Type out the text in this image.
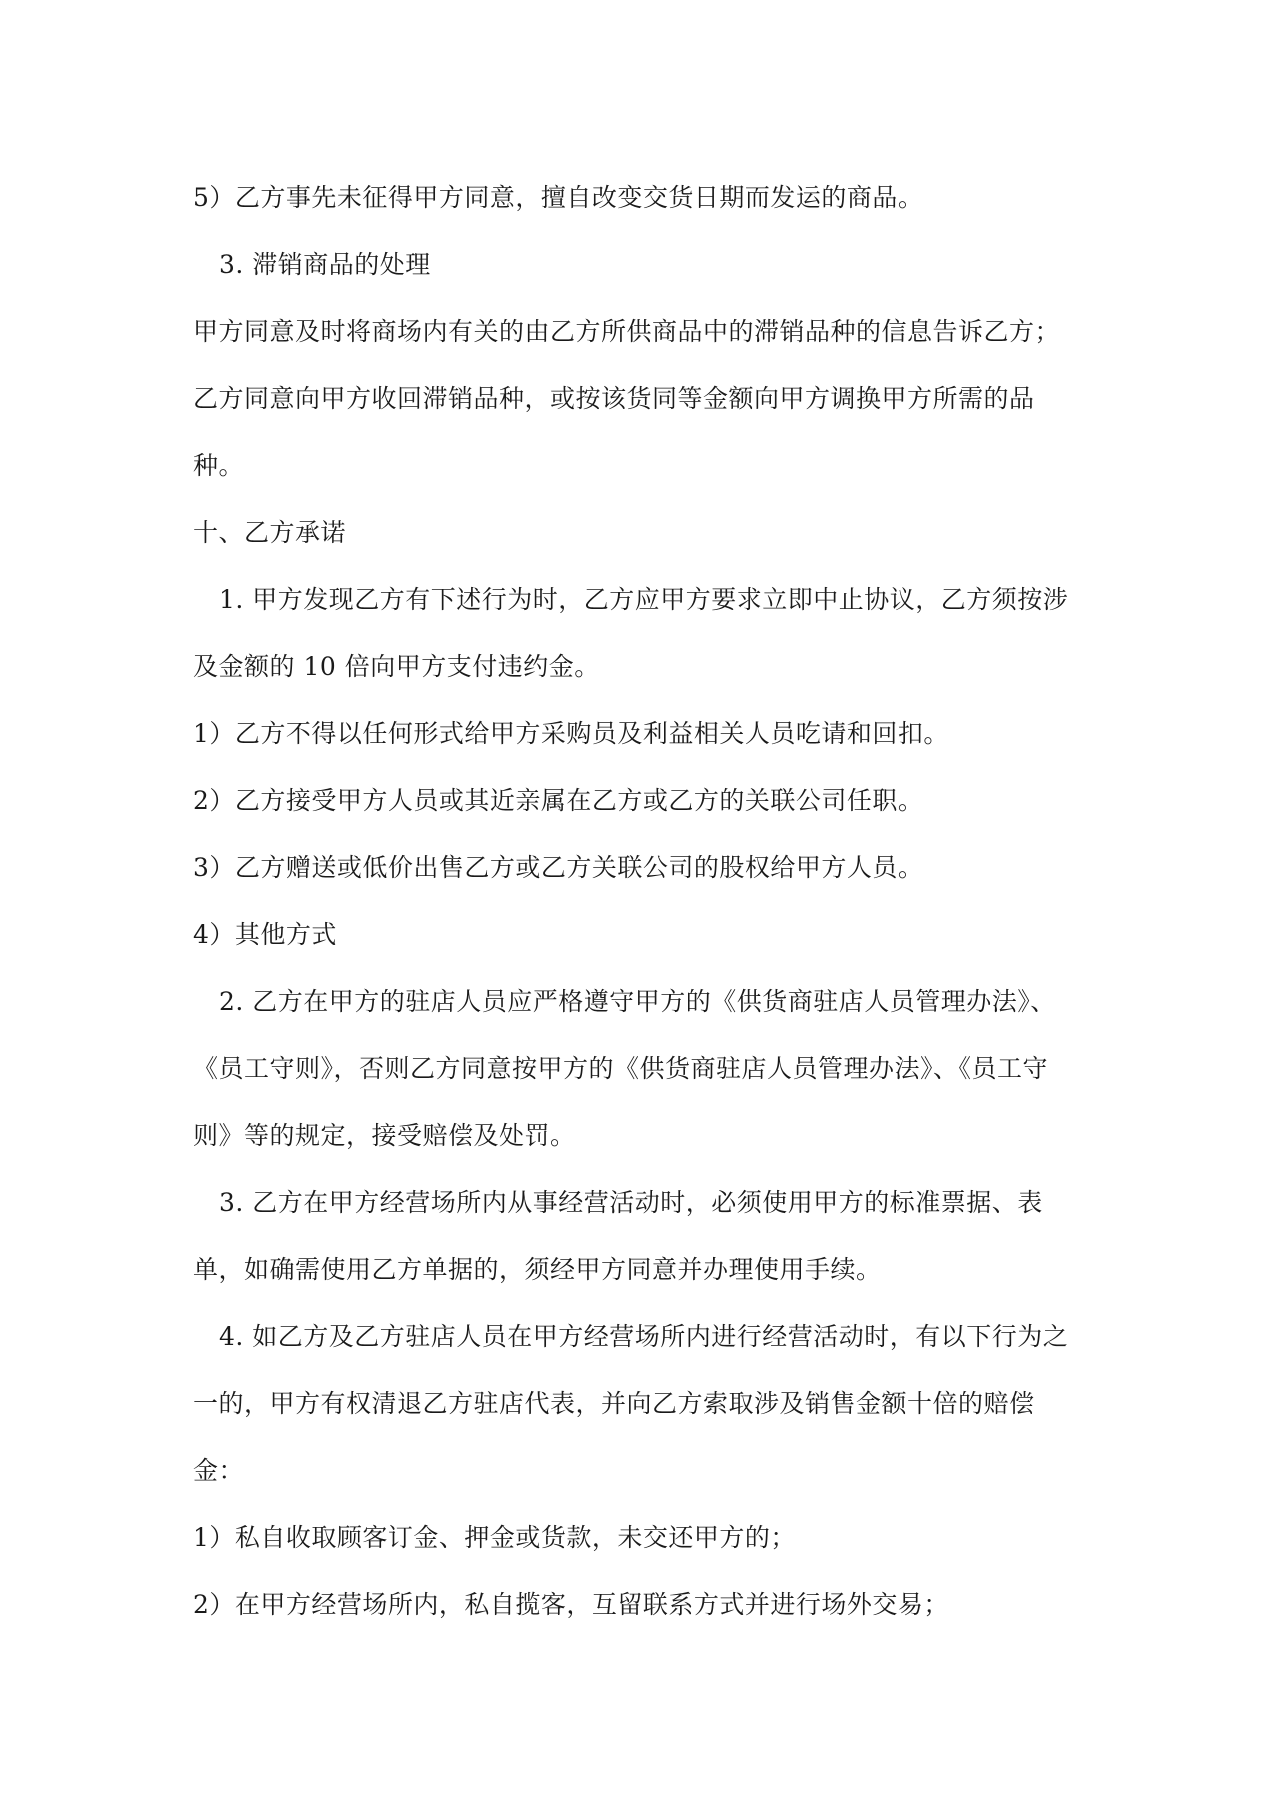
5）乙方事先未征得甲方同意，擅自改变交货日期而发运的商品。

3. 滞销商品的处理

甲方同意及时将商场内有关的由乙方所供商品中的滞销品种的信息告诉乙方；

乙方同意向甲方收回滞销品种，或按该货同等金额向甲方调换甲方所需的品

种。

十、乙方承诺

1. 甲方发现乙方有下述行为时，乙方应甲方要求立即中止协议，乙方须按涉

及金额的 10 倍向甲方支付违约金。

1）乙方不得以任何形式给甲方采购员及利益相关人员吃请和回扣。

2）乙方接受甲方人员或其近亲属在乙方或乙方的关联公司任职。

3）乙方赠送或低价出售乙方或乙方关联公司的股权给甲方人员。

4）其他方式

2. 乙方在甲方的驻店人员应严格遵守甲方的《供货商驻店人员管理办法》、

《员工守则》，否则乙方同意按甲方的《供货商驻店人员管理办法》、《员工守

则》等的规定，接受赔偿及处罚。

3. 乙方在甲方经营场所内从事经营活动时，必须使用甲方的标准票据、表

单，如确需使用乙方单据的，须经甲方同意并办理使用手续。

4. 如乙方及乙方驻店人员在甲方经营场所内进行经营活动时，有以下行为之

一的，甲方有权清退乙方驻店代表，并向乙方索取涉及销售金额十倍的赔偿

金：

1）私自收取顾客订金、押金或货款，未交还甲方的；

2）在甲方经营场所内，私自揽客，互留联系方式并进行场外交易；
